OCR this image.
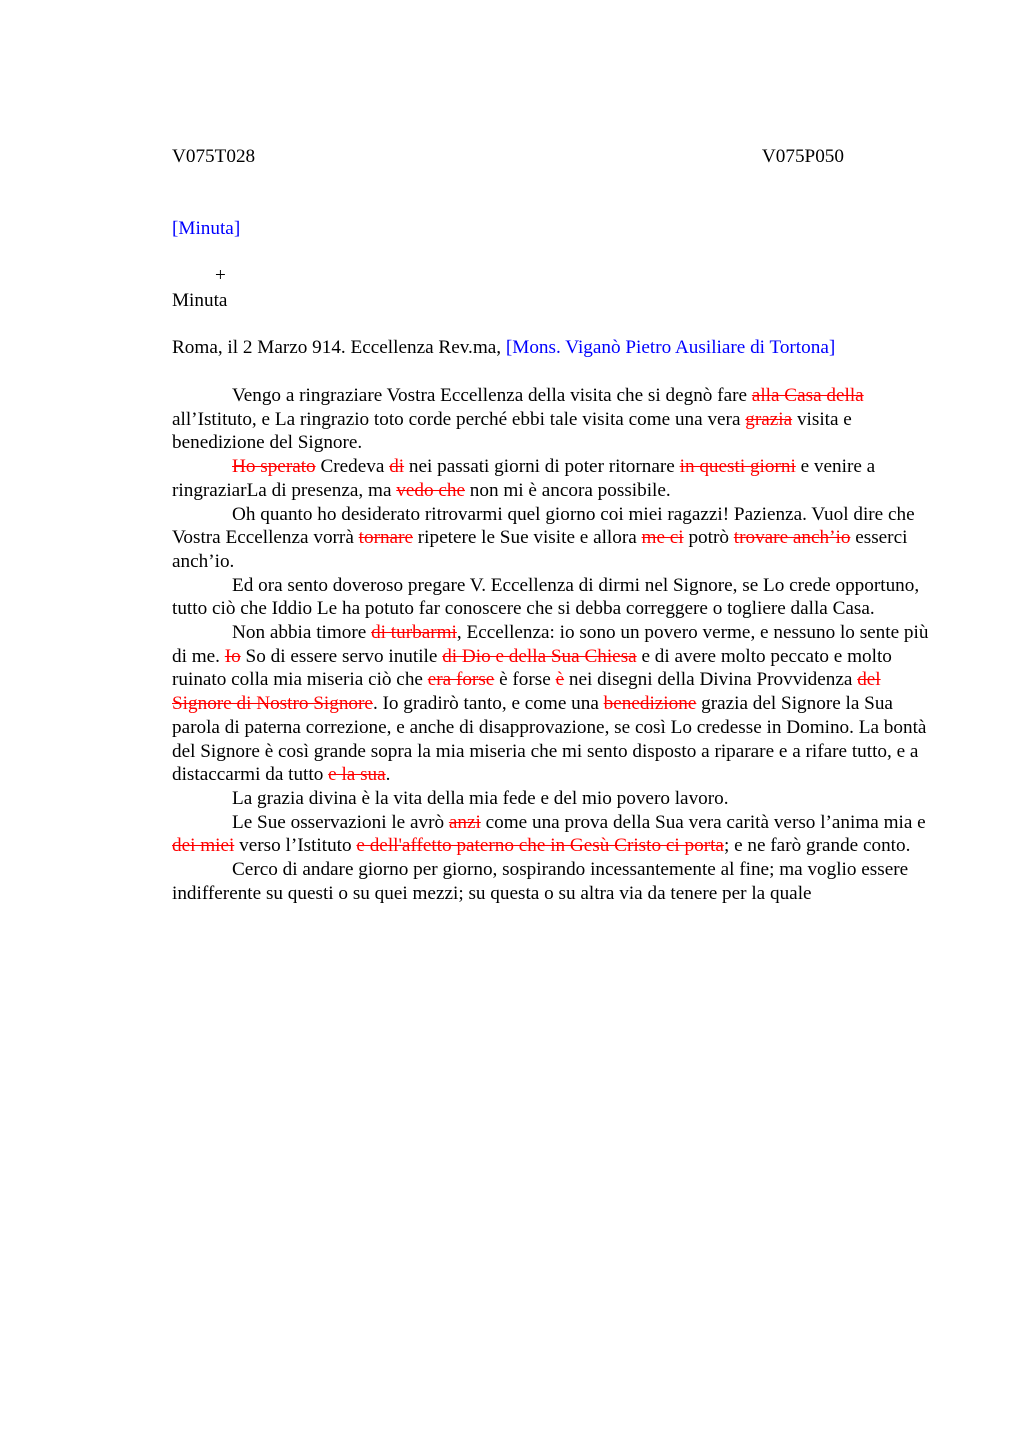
V075T028	V075P050
[Minuta]
+
Minuta
Roma, il 2 Marzo 914. Eccellenza Rev.ma, [Mons. Viganò Pietro Ausiliare di Tortona]

Vengo a ringraziare Vostra Eccellenza della visita che si degnò fare alla Casa della all’Istituto, e La ringrazio toto corde perché ebbi tale visita come una vera grazia visita e benedizione del Signore.

Ho sperato Credeva di nei passati giorni di poter ritornare in questi giorni e venire a ringraziarLa di presenza, ma vedo che non mi è ancora possibile.

Oh quanto ho desiderato ritrovarmi quel giorno coi miei ragazzi! Pazienza. Vuol dire che Vostra Eccellenza vorrà tornare ripetere le Sue visite e allora me ci potrò trovare anch’io esserci anch’io.

Ed ora sento doveroso pregare V. Eccellenza di dirmi nel Signore, se Lo crede opportuno, tutto ciò che Iddio Le ha potuto far conoscere che si debba correggere o togliere dalla Casa.

Non abbia timore di turbarmi, Eccellenza: io sono un povero verme, e nessuno lo sente più di me. Io So di essere servo inutile di Dio e della Sua Chiesa e di avere molto peccato e molto ruinato colla mia miseria ciò che era forse è forse è nei disegni della Divina Provvidenza del Signore di Nostro Signore. Io gradirò tanto, e come una benedizione grazia del Signore la Sua parola di paterna correzione, e anche di disapprovazione, se così Lo credesse in Domino. La bontà del Signore è così grande sopra la mia miseria che mi sento disposto a riparare e a rifare tutto, e a distaccarmi da tutto e la sua.

La grazia divina è la vita della mia fede e del mio povero lavoro.

Le Sue osservazioni le avrò anzi come una prova della Sua vera carità verso l’anima mia e dei miei verso l’Istituto e dell'affetto paterno che in Gesù Cristo ci porta; e ne farò grande conto.

Cerco di andare giorno per giorno, sospirando incessantemente al fine; ma voglio essere indifferente su questi o su quei mezzi; su questa o su altra via da tenere per la quale
